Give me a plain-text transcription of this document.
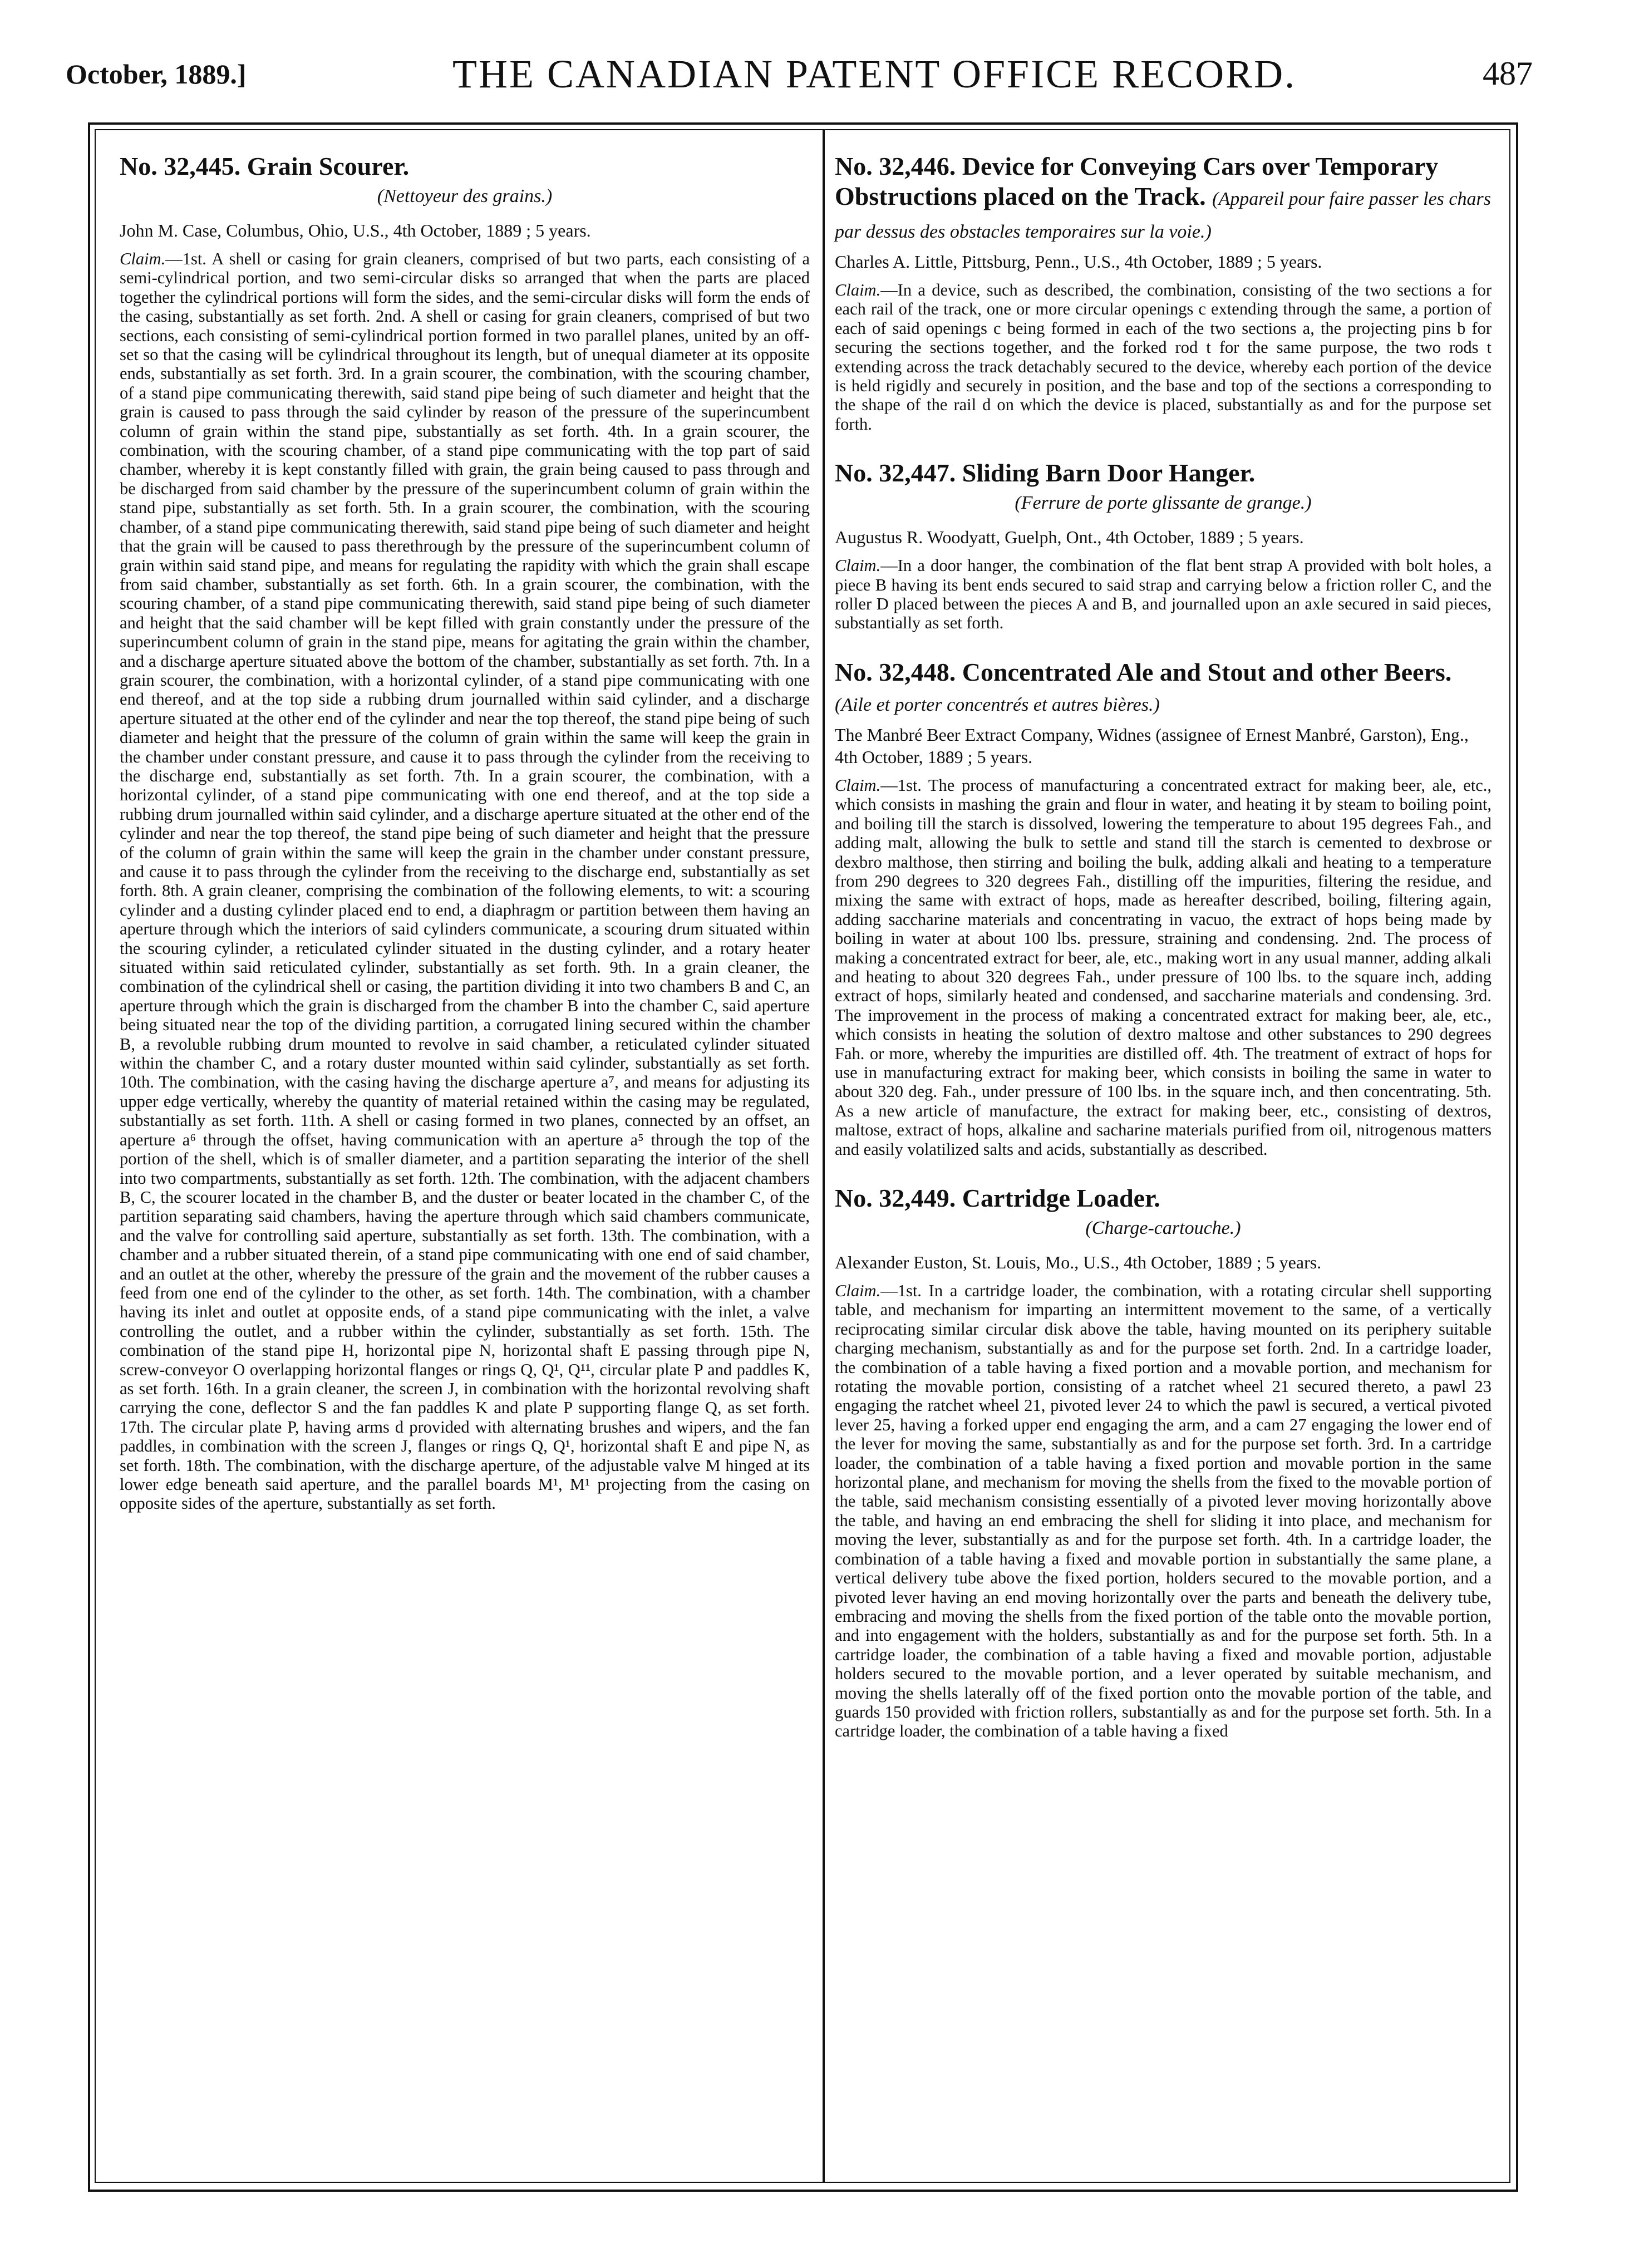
October, 1889.]	THE CANADIAN PATENT OFFICE RECORD.	487
No. 32,445. Grain Scourer.
(Nettoyeur des grains.)

John M. Case, Columbus, Ohio, U.S., 4th October, 1889 ; 5 years.

Claim.—1st. A shell or casing for grain cleaners, comprised of but two parts, each consisting of a semi-cylindrical portion, and two semi-circular disks so arranged that when the parts are placed together the cylindrical portions will form the sides, and the semi-circular disks will form the ends of the casing, substantially as set forth. 2nd. A shell or casing for grain cleaners, comprised of but two sections, each consisting of semi-cylindrical portion formed in two parallel planes, united by an off-set so that the casing will be cylindrical throughout its length, but of unequal diameter at its opposite ends, substantially as set forth. 3rd. In a grain scourer, the combination, with the scouring chamber, of a stand pipe communicating therewith, said stand pipe being of such diameter and height that the grain is caused to pass through the said cylinder by reason of the pressure of the superincumbent column of grain within the stand pipe, substantially as set forth. 4th. In a grain scourer, the combination, with the scouring chamber, of a stand pipe communicating with the top part of said chamber, whereby it is kept constantly filled with grain, the grain being caused to pass through and be discharged from said chamber by the pressure of the superincumbent column of grain within the stand pipe, substantially as set forth. 5th. In a grain scourer, the combination, with the scouring chamber, of a stand pipe communicating therewith, said stand pipe being of such diameter and height that the grain will be caused to pass therethrough by the pressure of the superincumbent column of grain within said stand pipe, and means for regulating the rapidity with which the grain shall escape from said chamber, substantially as set forth. 6th. In a grain scourer, the combination, with the scouring chamber, of a stand pipe communicating therewith, said stand pipe being of such diameter and height that the said chamber will be kept filled with grain constantly under the pressure of the superincumbent column of grain in the stand pipe, means for agitating the grain within the chamber, and a discharge aperture situated above the bottom of the chamber, substantially as set forth. 7th. In a grain scourer, the combination, with a horizontal cylinder, of a stand pipe communicating with one end thereof, and at the top side a rubbing drum journalled within said cylinder, and a discharge aperture situated at the other end of the cylinder and near the top thereof, the stand pipe being of such diameter and height that the pressure of the column of grain within the same will keep the grain in the chamber under constant pressure, and cause it to pass through the cylinder from the receiving to the discharge end, substantially as set forth. 7th. In a grain scourer, the combination, with a horizontal cylinder, of a stand pipe communicating with one end thereof, and at the top side a rubbing drum journalled within said cylinder, and a discharge aperture situated at the other end of the cylinder and near the top thereof, the stand pipe being of such diameter and height that the pressure of the column of grain within the same will keep the grain in the chamber under constant pressure, and cause it to pass through the cylinder from the receiving to the discharge end, substantially as set forth. 8th. A grain cleaner, comprising the combination of the following elements, to wit: a scouring cylinder and a dusting cylinder placed end to end, a diaphragm or partition between them having an aperture through which the interiors of said cylinders communicate, a scouring drum situated within the scouring cylinder, a reticulated cylinder situated in the dusting cylinder, and a rotary heater situated within said reticulated cylinder, substantially as set forth. 9th. In a grain cleaner, the combination of the cylindrical shell or casing, the partition dividing it into two chambers B and C, an aperture through which the grain is discharged from the chamber B into the chamber C, said aperture being situated near the top of the dividing partition, a corrugated lining secured within the chamber B, a revoluble rubbing drum mounted to revolve in said chamber, a reticulated cylinder situated within the chamber C, and a rotary duster mounted within said cylinder, substantially as set forth. 10th. The combination, with the casing having the discharge aperture a⁷, and means for adjusting its upper edge vertically, whereby the quantity of material retained within the casing may be regulated, substantially as set forth. 11th. A shell or casing formed in two planes, connected by an offset, an aperture a⁶ through the offset, having communication with an aperture a⁵ through the top of the portion of the shell, which is of smaller diameter, and a partition separating the interior of the shell into two compartments, substantially as set forth. 12th. The combination, with the adjacent chambers B, C, the scourer located in the chamber B, and the duster or beater located in the chamber C, of the partition separating said chambers, having the aperture through which said chambers communicate, and the valve for controlling said aperture, substantially as set forth. 13th. The combination, with a chamber and a rubber situated therein, of a stand pipe communicating with one end of said chamber, and an outlet at the other, whereby the pressure of the grain and the movement of the rubber causes a feed from one end of the cylinder to the other, as set forth. 14th. The combination, with a chamber having its inlet and outlet at opposite ends, of a stand pipe communicating with the inlet, a valve controlling the outlet, and a rubber within the cylinder, substantially as set forth. 15th. The combination of the stand pipe H, horizontal pipe N, horizontal shaft E passing through pipe N, screw-conveyor O overlapping horizontal flanges or rings Q, Q¹, Q¹¹, circular plate P and paddles K, as set forth. 16th. In a grain cleaner, the screen J, in combination with the horizontal revolving shaft carrying the cone, deflector S and the fan paddles K and plate P supporting flange Q, as set forth. 17th. The circular plate P, having arms d provided with alternating brushes and wipers, and the fan paddles, in combination with the screen J, flanges or rings Q, Q¹, horizontal shaft E and pipe N, as set forth. 18th. The combination, with the discharge aperture, of the adjustable valve M hinged at its lower edge beneath said aperture, and the parallel boards M¹, M¹ projecting from the casing on opposite sides of the aperture, substantially as set forth.

No. 32,446. Device for Conveying Cars over Temporary Obstructions placed on the Track. (Appareil pour faire passer les chars par dessus des obstacles temporaires sur la voie.)

Charles A. Little, Pittsburg, Penn., U.S., 4th October, 1889 ; 5 years.

Claim.—In a device, such as described, the combination, consisting of the two sections a for each rail of the track, one or more circular openings c extending through the same, a portion of each of said openings c being formed in each of the two sections a, the projecting pins b for securing the sections together, and the forked rod t for the same purpose, the two rods t extending across the track detachably secured to the device, whereby each portion of the device is held rigidly and securely in position, and the base and top of the sections a corresponding to the shape of the rail d on which the device is placed, substantially as and for the purpose set forth.

No. 32,447. Sliding Barn Door Hanger.
(Ferrure de porte glissante de grange.)

Augustus R. Woodyatt, Guelph, Ont., 4th October, 1889 ; 5 years.

Claim.—In a door hanger, the combination of the flat bent strap A provided with bolt holes, a piece B having its bent ends secured to said strap and carrying below a friction roller C, and the roller D placed between the pieces A and B, and journalled upon an axle secured in said pieces, substantially as set forth.

No. 32,448. Concentrated Ale and Stout and other Beers. (Aile et porter concentrés et autres bières.)

The Manbré Beer Extract Company, Widnes (assignee of Ernest Manbré, Garston), Eng., 4th October, 1889 ; 5 years.

Claim.—1st. The process of manufacturing a concentrated extract for making beer, ale, etc., which consists in mashing the grain and flour in water, and heating it by steam to boiling point, and boiling till the starch is dissolved, lowering the temperature to about 195 degrees Fah., and adding malt, allowing the bulk to settle and stand till the starch is cemented to dexbrose or dexbro malthose, then stirring and boiling the bulk, adding alkali and heating to a temperature from 290 degrees to 320 degrees Fah., distilling off the impurities, filtering the residue, and mixing the same with extract of hops, made as hereafter described, boiling, filtering again, adding saccharine materials and concentrating in vacuo, the extract of hops being made by boiling in water at about 100 lbs. pressure, straining and condensing. 2nd. The process of making a concentrated extract for beer, ale, etc., making wort in any usual manner, adding alkali and heating to about 320 degrees Fah., under pressure of 100 lbs. to the square inch, adding extract of hops, similarly heated and condensed, and saccharine materials and condensing. 3rd. The improvement in the process of making a concentrated extract for making beer, ale, etc., which consists in heating the solution of dextro maltose and other substances to 290 degrees Fah. or more, whereby the impurities are distilled off. 4th. The treatment of extract of hops for use in manufacturing extract for making beer, which consists in boiling the same in water to about 320 deg. Fah., under pressure of 100 lbs. in the square inch, and then concentrating. 5th. As a new article of manufacture, the extract for making beer, etc., consisting of dextros, maltose, extract of hops, alkaline and sacharine materials purified from oil, nitrogenous matters and easily volatilized salts and acids, substantially as described.

No. 32,449. Cartridge Loader.
(Charge-cartouche.)

Alexander Euston, St. Louis, Mo., U.S., 4th October, 1889 ; 5 years.

Claim.—1st. In a cartridge loader, the combination, with a rotating circular shell supporting table, and mechanism for imparting an intermittent movement to the same, of a vertically reciprocating similar circular disk above the table, having mounted on its periphery suitable charging mechanism, substantially as and for the purpose set forth. 2nd. In a cartridge loader, the combination of a table having a fixed portion and a movable portion, and mechanism for rotating the movable portion, consisting of a ratchet wheel 21 secured thereto, a pawl 23 engaging the ratchet wheel 21, pivoted lever 24 to which the pawl is secured, a vertical pivoted lever 25, having a forked upper end engaging the arm, and a cam 27 engaging the lower end of the lever for moving the same, substantially as and for the purpose set forth. 3rd. In a cartridge loader, the combination of a table having a fixed portion and movable portion in the same horizontal plane, and mechanism for moving the shells from the fixed to the movable portion of the table, said mechanism consisting essentially of a pivoted lever moving horizontally above the table, and having an end embracing the shell for sliding it into place, and mechanism for moving the lever, substantially as and for the purpose set forth. 4th. In a cartridge loader, the combination of a table having a fixed and movable portion in substantially the same plane, a vertical delivery tube above the fixed portion, holders secured to the movable portion, and a pivoted lever having an end moving horizontally over the parts and beneath the delivery tube, embracing and moving the shells from the fixed portion of the table onto the movable portion, and into engagement with the holders, substantially as and for the purpose set forth. 5th. In a cartridge loader, the combination of a table having a fixed and movable portion, adjustable holders secured to the movable portion, and a lever operated by suitable mechanism, and moving the shells laterally off of the fixed portion onto the movable portion of the table, and guards 150 provided with friction rollers, substantially as and for the purpose set forth. 5th. In a cartridge loader, the combination of a table having a fixed
